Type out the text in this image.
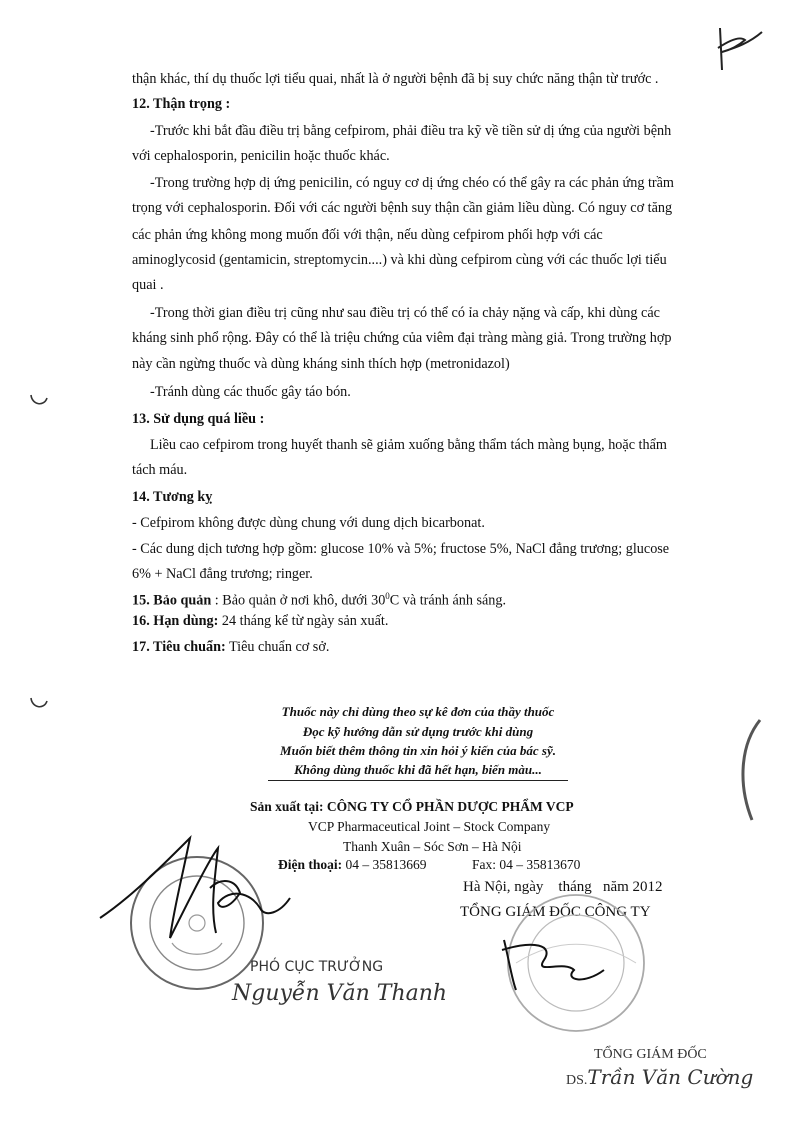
thận khác, thí dụ thuốc lợi tiểu quai, nhất là ở người bệnh đã bị suy chức năng thận từ trước .
12. Thận trọng :
-Trước khi bắt đầu điều trị bằng cefpirom, phải điều tra kỹ về tiền sử dị ứng của người bệnh
với cephalosporin, penicilin hoặc thuốc khác.
-Trong trường hợp dị ứng penicilin, có nguy cơ dị ứng chéo có thể gây ra các phản ứng trầm
trọng với cephalosporin. Đối với các người bệnh suy thận cần giảm liều dùng. Có nguy cơ tăng
các phản ứng không mong muốn đối với thận, nếu dùng cefpirom phối hợp với các
aminoglycosid (gentamicin, streptomycin....) và khi dùng cefpirom cùng với các thuốc lợi tiểu
quai .
-Trong thời gian điều trị cũng như sau điều trị có thể có ỉa chảy nặng và cấp, khi dùng các
kháng sinh phổ rộng. Đây có thể là triệu chứng của viêm đại tràng màng giả. Trong trường hợp
này cần ngừng thuốc và dùng kháng sinh thích hợp (metronidazol)
-Tránh dùng các thuốc gây táo bón.
13. Sử dụng quá liều :
Liều cao cefpirom trong huyết thanh sẽ giảm xuống bằng thẩm tách màng bụng, hoặc thẩm
tách máu.
14. Tương kỵ
- Cefpirom không được dùng chung với dung dịch bicarbonat.
- Các dung dịch tương hợp gồm: glucose 10% và 5%; fructose 5%, NaCl đẳng trương; glucose
6% + NaCl đẳng trương; ringer.
15. Bảo quản : Bảo quản ở nơi khô, dưới $30^0C$ và tránh ánh sáng.
16. Hạn dùng: 24 tháng kể từ ngày sản xuất.
17. Tiêu chuẩn: Tiêu chuẩn cơ sở.
Thuốc này chỉ dùng theo sự kê đơn của thầy thuốc
Đọc kỹ hướng dẫn sử dụng trước khi dùng
Muốn biết thêm thông tin xin hỏi ý kiến của bác sỹ.
Không dùng thuốc khi đã hết hạn, biến màu...
Sản xuất tại: CÔNG TY CỔ PHẦN DƯỢC PHẨM VCP
VCP Pharmaceutical Joint – Stock Company
Thanh Xuân – Sóc Sơn – Hà Nội
Điện thoại: 04 – 35813669	Fax: 04 – 35813670
Hà Nội, ngày    tháng   năm 2012
TỔNG GIÁM ĐỐC CÔNG TY
PHÓ CỤC TRƯỞNG
Nguyễn Văn Thanh
TỔNG GIÁM ĐỐC
DS.Trần Văn Cường
